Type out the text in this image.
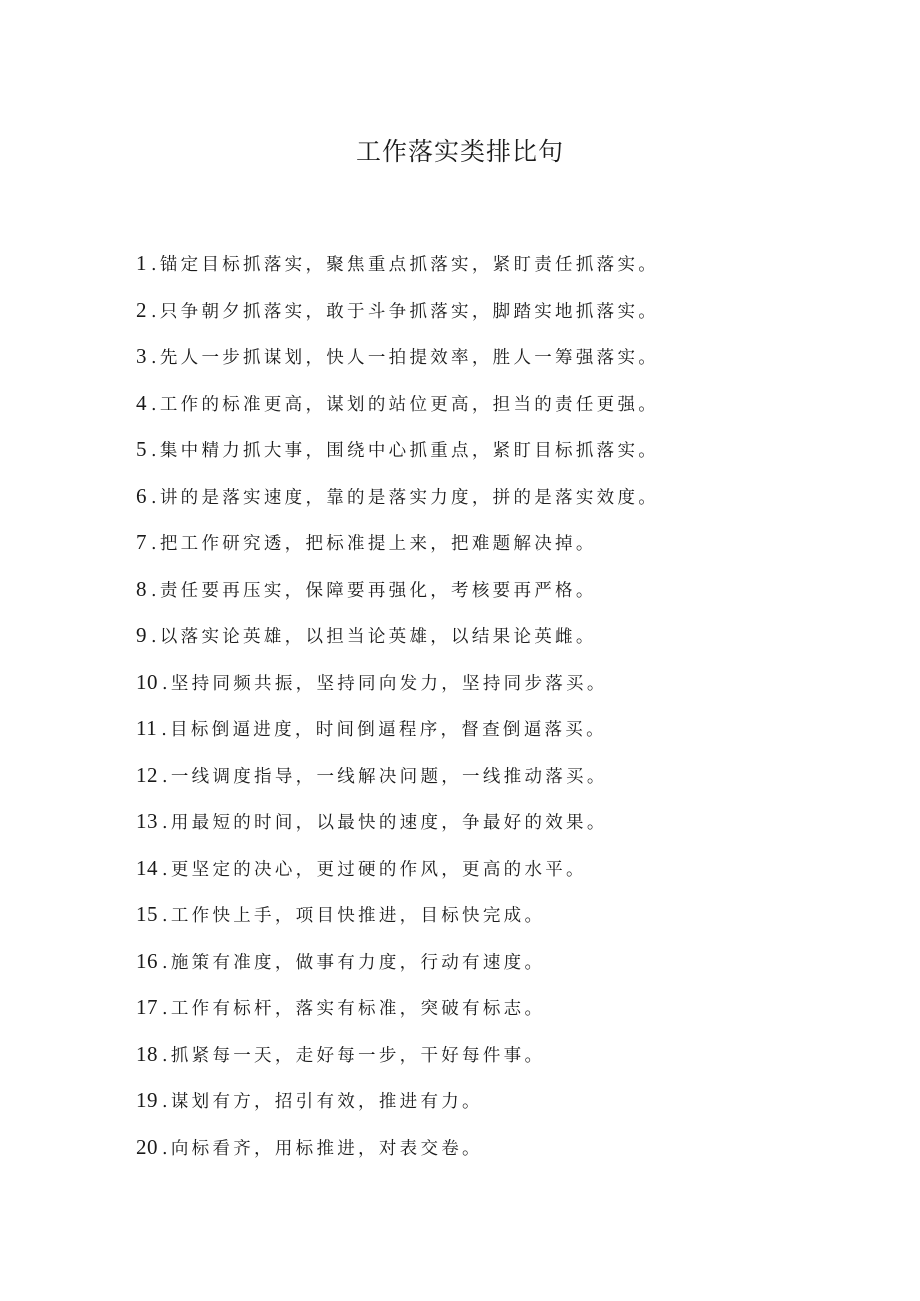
工作落实类排比句
1 .锚定目标抓落实，聚焦重点抓落实，紧盯责任抓落实。
2 .只争朝夕抓落实，敢于斗争抓落实，脚踏实地抓落实。
3 .先人一步抓谋划，快人一拍提效率，胜人一筹强落实。
4 .工作的标准更高，谋划的站位更高，担当的责任更强。
5 .集中精力抓大事，围绕中心抓重点，紧盯目标抓落实。
6 .讲的是落实速度，靠的是落实力度，拼的是落实效度。
7 .把工作研究透，把标准提上来，把难题解决掉。
8 .责任要再压实，保障要再强化，考核要再严格。
9 .以落实论英雄，以担当论英雄，以结果论英雌。
10 .坚持同频共振，坚持同向发力，坚持同步落买。
11 .目标倒逼进度，时间倒逼程序，督查倒逼落买。
12 .一线调度指导，一线解决问题，一线推动落买。
13 .用最短的时间，以最快的速度，争最好的效果。
14 .更坚定的决心，更过硬的作风，更高的水平。
15 .工作快上手，项目快推进，目标快完成。
16 .施策有准度，做事有力度，行动有速度。
17 .工作有标杆，落实有标准，突破有标志。
18 .抓紧每一天，走好每一步，干好每件事。
19 .谋划有方，招引有效，推进有力。
20 .向标看齐，用标推进，对表交卷。
